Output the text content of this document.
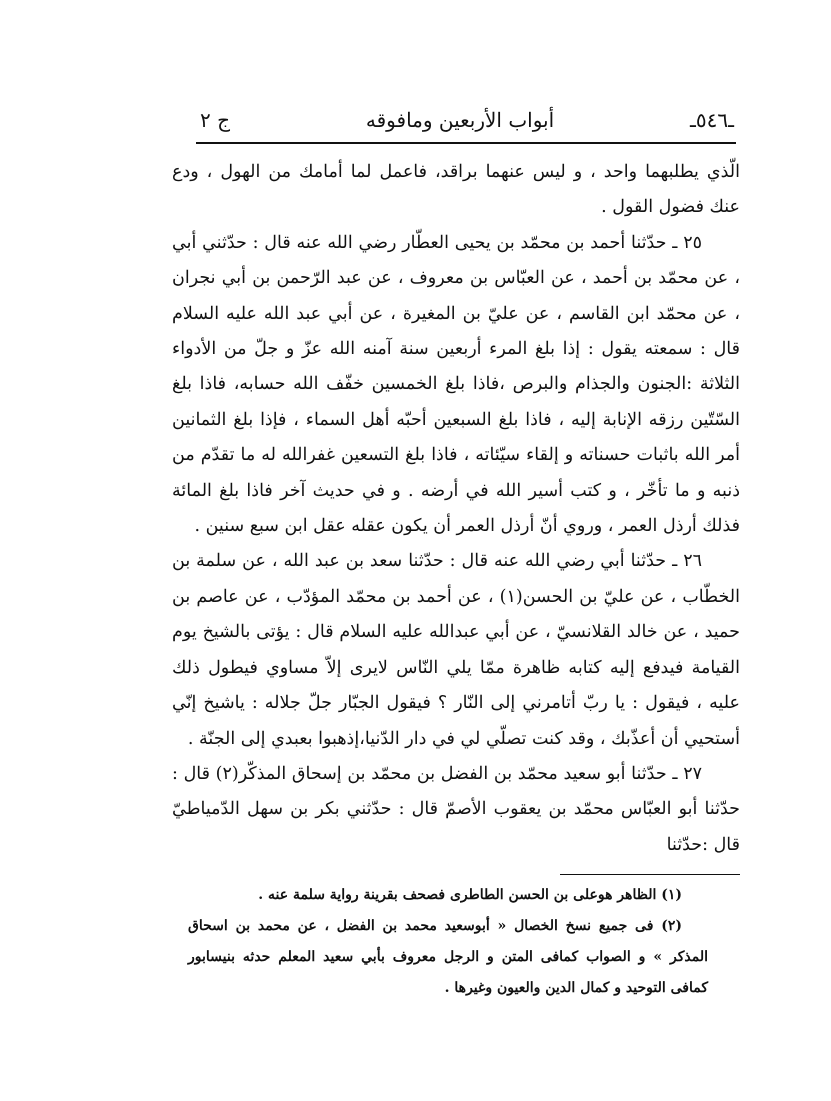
ج ٢	أبواب الأربعين ومافوقه	ـ٥٤٦ـ

الّذي يطلبهما واحد ، و ليس عنهما براقد، فاعمل لما أمامك من الهول ، ودع عنك فضول القول .

٢٥ ـ حدّثنا أحمد بن محمّد بن يحيى العطّار رضي الله عنه قال : حدّثني أبي ، عن محمّد بن أحمد ، عن العبّاس بن معروف ، عن عبد الرّحمن بن أبي نجران ، عن محمّد ابن القاسم ، عن عليّ بن المغيرة ، عن أبي عبد الله عليه السلام قال : سمعته يقول : إذا بلغ المرء أربعين سنة آمنه الله عزّ و جلّ من الأدواء الثلاثة :الجنون والجذام والبرص ،فاذا بلغ الخمسين خفّف الله حسابه، فاذا بلغ السّتّين رزقه الإنابة إليه ، فاذا بلغ السبعين أحبّه أهل السماء ، فإذا بلغ الثمانين أمر الله باثبات حسناته و إلقاء سيّئاته ، فاذا بلغ التسعين غفرالله له ما تقدّم من ذنبه و ما تأخّر ، و كتب أسير الله في أرضه . و في حديث آخر فاذا بلغ المائة فذلك أرذل العمر ، وروي أنّ أرذل العمر أن يكون عقله عقل ابن سبع سنين .

٢٦ ـ حدّثنا أبي رضي الله عنه قال : حدّثنا سعد بن عبد الله ، عن سلمة بن الخطّاب ، عن عليّ بن الحسن(١) ، عن أحمد بن محمّد المؤدّب ، عن عاصم بن حميد ، عن خالد القلانسيّ ، عن أبي عبدالله عليه السلام قال : يؤتى بالشيخ يوم القيامة فيدفع إليه كتابه ظاهرة ممّا يلي النّاس لايرى إلاّ مساوي فيطول ذلك عليه ، فيقول : يا ربّ أتامرني إلى النّار ؟ فيقول الجبّار جلّ جلاله : ياشيخ إنّي أستحيي أن أعذّبك ، وقد كنت تصلّي لي في دار الدّنيا،إذهبوا بعبدي إلى الجنّة .

٢٧ ـ حدّثنا أبو سعيد محمّد بن الفضل بن محمّد بن إسحاق المذكّر(٢) قال : حدّثنا أبو العبّاس محمّد بن يعقوب الأصمّ قال : حدّثني بكر بن سهل الدّمياطيّ قال :حدّثنا

(١) الظاهر هوعلى بن الحسن الطاطرى فصحف بقرينة رواية سلمة عنه .

(٢) فى جميع نسخ الخصال « أبوسعيد محمد بن الفضل ، عن محمد بن اسحاق المذكر » و الصواب كمافى المتن و الرجل معروف بأبي سعيد المعلم حدثه بنيسابور كمافى التوحيد و كمال الدين والعيون وغيرها .
